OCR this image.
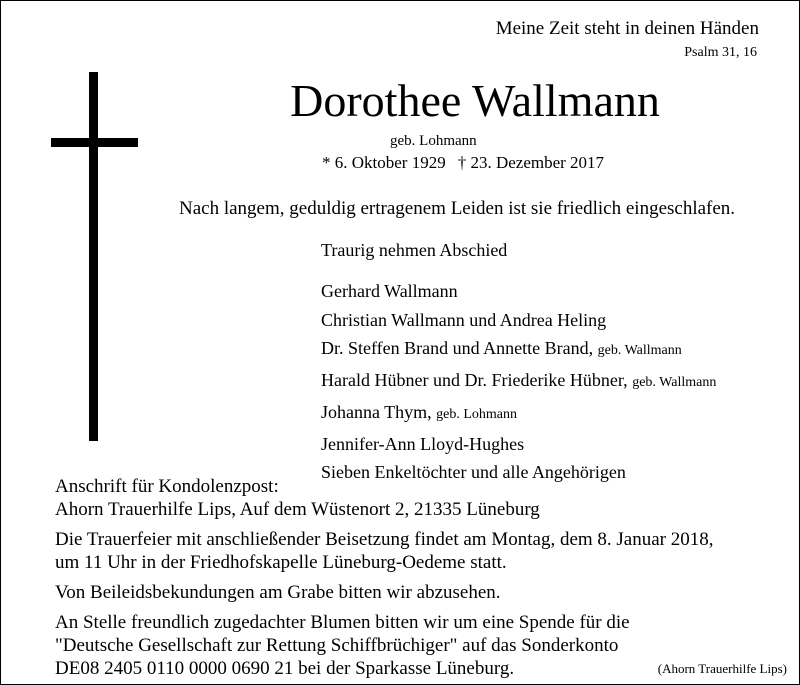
Meine Zeit steht in deinen Händen
Psalm 31, 16
Dorothee Wallmann
geb. Lohmann
* 6. Oktober 1929 † 23. Dezember 2017
Nach langem, geduldig ertragenem Leiden ist sie friedlich eingeschlafen.
Traurig nehmen Abschied
Gerhard Wallmann
Christian Wallmann und Andrea Heling
Dr. Steffen Brand und Annette Brand, geb. Wallmann
Harald Hübner und Dr. Friederike Hübner, geb. Wallmann
Johanna Thym, geb. Lohmann
Jennifer-Ann Lloyd-Hughes
Sieben Enkeltöchter und alle Angehörigen
Anschrift für Kondolenzpost:
Ahorn Trauerhilfe Lips, Auf dem Wüstenort 2, 21335 Lüneburg
Die Trauerfeier mit anschließender Beisetzung findet am Montag, dem 8. Januar 2018,
um 11 Uhr in der Friedhofskapelle Lüneburg-Oedeme statt.
Von Beileidsbekundungen am Grabe bitten wir abzusehen.
An Stelle freundlich zugedachter Blumen bitten wir um eine Spende für die
"Deutsche Gesellschaft zur Rettung Schiffbrüchiger" auf das Sonderkonto
DE08 2405 0110 0000 0690 21 bei der Sparkasse Lüneburg.	(Ahorn Trauerhilfe Lips)
